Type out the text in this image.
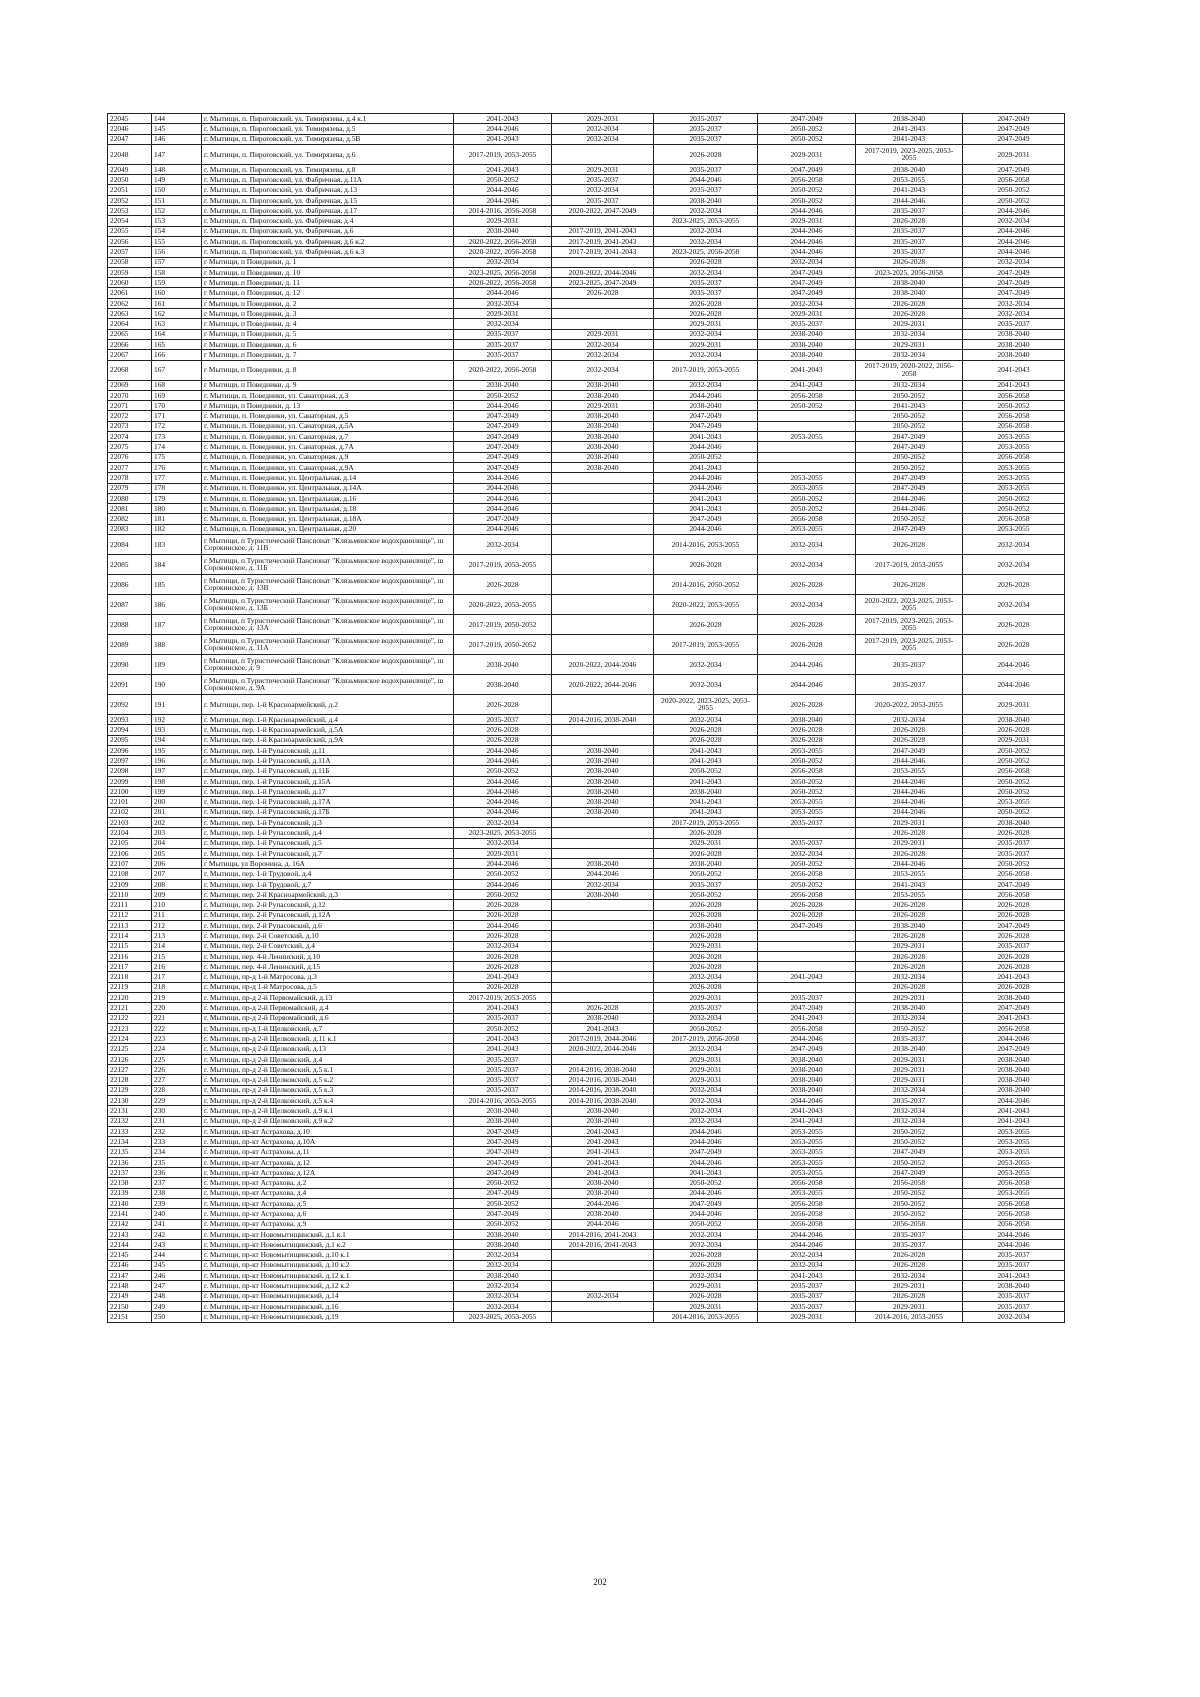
22045	144	г. Мытищи, п. Пироговский, ул. Тимирязева, д.4 к.1	2041-2043	2029-2031	2035-2037	2047-2049	2038-2040	2047-2049
22046	145	г. Мытищи, п. Пироговский, ул. Тимирязева, д.5	2044-2046	2032-2034	2035-2037	2050-2052	2041-2043	2047-2049
22047	146	г. Мытищи, п. Пироговский, ул. Тимирязева, д.5В	2041-2043	2032-2034	2035-2037	2050-2052	2041-2043	2047-2049
22048	147	г. Мытищи, п. Пироговский, ул. Тимирязева, д.6	2017-2019, 2053-2055		2026-2028	2029-2031	2017-2019, 2023-2025, 2053-2055	2029-2031
22049	148	г. Мытищи, п. Пироговский, ул. Тимирязева, д.8	2041-2043	2029-2031	2035-2037	2047-2049	2038-2040	2047-2049
22050	149	г. Мытищи, п. Пироговский, ул. Фабричная, д.11А	2050-2052	2035-2037	2044-2046	2056-2058	2053-2055	2056-2058
22051	150	г. Мытищи, п. Пироговский, ул. Фабричная, д.13	2044-2046	2032-2034	2035-2037	2050-2052	2041-2043	2050-2052
22052	151	г. Мытищи, п. Пироговский, ул. Фабричная, д.15	2044-2046	2035-2037	2038-2040	2050-2052	2044-2046	2050-2052
22053	152	г. Мытищи, п. Пироговский, ул. Фабричная, д.17	2014-2016, 2056-2058	2020-2022, 2047-2049	2032-2034	2044-2046	2035-2037	2044-2046
22054	153	г. Мытищи, п. Пироговский, ул. Фабричная, д.4	2029-2031		2023-2025, 2053-2055	2029-2031	2026-2028	2032-2034
22055	154	г. Мытищи, п. Пироговский, ул. Фабричная, д.6	2038-2040	2017-2019, 2041-2043	2032-2034	2044-2046	2035-2037	2044-2046
22056	155	г. Мытищи, п. Пироговский, ул. Фабричная, д.6 к.2	2020-2022, 2056-2058	2017-2019, 2041-2043	2032-2034	2044-2046	2035-2037	2044-2046
22057	156	г. Мытищи, п. Пироговский, ул. Фабричная, д.6 к.3	2020-2022, 2056-2058	2017-2019, 2041-2043	2023-2025, 2056-2058	2044-2046	2035-2037	2044-2046
22058	157	г Мытищи, п Поведники, д. 1	2032-2034		2026-2028	2032-2034	2026-2028	2032-2034
22059	158	г Мытищи, п Поведники, д. 10	2023-2025, 2056-2058	2020-2022, 2044-2046	2032-2034	2047-2049	2023-2025, 2056-2058	2047-2049
22060	159	г Мытищи, п Поведники, д. 11	2020-2022, 2056-2058	2023-2025, 2047-2049	2035-2037	2047-2049	2038-2040	2047-2049
22061	160	г Мытищи, п Поведники, д. 12	2044-2046	2026-2028	2035-2037	2047-2049	2038-2040	2047-2049
22062	161	г Мытищи, п Поведники, д. 2	2032-2034		2026-2028	2032-2034	2026-2028	2032-2034
22063	162	г Мытищи, п Поведники, д. 3	2029-2031		2026-2028	2029-2031	2026-2028	2032-2034
22064	163	г Мытищи, п Поведники, д. 4	2032-2034		2029-2031	2035-2037	2029-2031	2035-2037
22065	164	г Мытищи, п Поведники, д. 5	2035-2037	2029-2031	2032-2034	2038-2040	2032-2034	2038-2040
22066	165	г Мытищи, п Поведники, д. 6	2035-2037	2032-2034	2029-2031	2038-2040	2029-2031	2038-2040
22067	166	г Мытищи, п Поведники, д. 7	2035-2037	2032-2034	2032-2034	2038-2040	2032-2034	2038-2040
22068	167	г Мытищи, п Поведники, д. 8	2020-2022, 2056-2058	2032-2034	2017-2019, 2053-2055	2041-2043	2017-2019, 2020-2022, 2056-2058	2041-2043
22069	168	г Мытищи, п Поведники, д. 9	2038-2040	2038-2040	2032-2034	2041-2043	2032-2034	2041-2043
22070	169	г. Мытищи, п. Поведники, ул. Санаторная, д.3	2050-2052	2038-2040	2044-2046	2056-2058	2050-2052	2056-2058
22071	170	г Мытищи, п Поведники, д. 13	2044-2046	2029-2031	2038-2040	2050-2052	2041-2043	2050-2052
22072	171	г. Мытищи, п. Поведники, ул. Санаторная, д.5	2047-2049	2038-2040	2047-2049		2050-2052	2056-2058
22073	172	г. Мытищи, п. Поведники, ул. Санаторная, д.5А	2047-2049	2038-2040	2047-2049		2050-2052	2056-2058
22074	173	г. Мытищи, п. Поведники, ул. Санаторная, д.7	2047-2049	2038-2040	2041-2043	2053-2055	2047-2049	2053-2055
22075	174	г. Мытищи, п. Поведники, ул. Санаторная, д.7А	2047-2049	2038-2040	2044-2046		2047-2049	2053-2055
22076	175	г. Мытищи, п. Поведники, ул. Санаторная, д.9	2047-2049	2038-2040	2050-2052		2050-2052	2056-2058
22077	176	г. Мытищи, п. Поведники, ул. Санаторная, д.9А	2047-2049	2038-2040	2041-2043		2050-2052	2053-2055
22078	177	г. Мытищи, п. Поведники, ул. Центральная, д.14	2044-2046		2044-2046	2053-2055	2047-2049	2053-2055
22079	178	г. Мытищи, п. Поведники, ул. Центральная, д.14А	2044-2046		2044-2046	2053-2055	2047-2049	2053-2055
22080	179	г. Мытищи, п. Поведники, ул. Центральная, д.16	2044-2046		2041-2043	2050-2052	2044-2046	2050-2052
22081	180	г. Мытищи, п. Поведники, ул. Центральная, д.18	2044-2046		2041-2043	2050-2052	2044-2046	2050-2052
22082	181	г. Мытищи, п. Поведники, ул. Центральная, д.18А	2047-2049		2047-2049	2056-2058	2050-2052	2056-2058
22083	182	г. Мытищи, п. Поведники, ул. Центральная, д.20	2044-2046		2044-2046	2053-2055	2047-2049	2053-2055
22084	183	г Мытищи, п Туристический Пансионат "Клязьминское водохранилище", ш Сорокинское, д. 11В	2032-2034		2014-2016, 2053-2055	2032-2034	2026-2028	2032-2034
22085	184	г Мытищи, п Туристический Пансионат "Клязьминское водохранилище", ш Сорокинское, д. 11Б	2017-2019, 2053-2055		2026-2028	2032-2034	2017-2019, 2053-2055	2032-2034
22086	185	г Мытищи, п Туристический Пансионат "Клязьминское водохранилище", ш Сорокинское, д. 13В	2026-2028		2014-2016, 2050-2052	2026-2028	2026-2028	2026-2028
22087	186	г Мытищи, п Туристический Пансионат "Клязьминское водохранилище", ш Сорокинское, д. 13Б	2020-2022, 2053-2055		2020-2022, 2053-2055	2032-2034	2020-2022, 2023-2025, 2053-2055	2032-2034
22088	187	г Мытищи, п Туристический Пансионат "Клязьминское водохранилище", ш Сорокинское, д. 13А	2017-2019, 2050-2052		2026-2028	2026-2028	2017-2019, 2023-2025, 2053-2055	2026-2028
22089	188	г Мытищи, п Туристический Пансионат "Клязьминское водохранилище", ш Сорокинское, д. 11А	2017-2019, 2050-2052		2017-2019, 2053-2055	2026-2028	2017-2019, 2023-2025, 2053-2055	2026-2028
22090	189	г Мытищи, п Туристический Пансионат "Клязьминское водохранилище", ш Сорокинское, д. 9	2038-2040	2020-2022, 2044-2046	2032-2034	2044-2046	2035-2037	2044-2046
22091	190	г Мытищи, п Туристический Пансионат "Клязьминское водохранилище", ш Сорокинское, д. 9А	2038-2040	2020-2022, 2044-2046	2032-2034	2044-2046	2035-2037	2044-2046
22092	191	г. Мытищи, пер. 1-й Красноармейский, д.2	2026-2028		2020-2022, 2023-2025, 2053-2055	2026-2028	2020-2022, 2053-2055	2029-2031
22093	192	г. Мытищи, пер. 1-й Красноармейский, д.4	2035-2037	2014-2016, 2038-2040	2032-2034	2038-2040	2032-2034	2038-2040
22094	193	г. Мытищи, пер. 1-й Красноармейский, д.5А	2026-2028		2026-2028	2026-2028	2026-2028	2026-2028
22095	194	г. Мытищи, пер. 1-й Красноармейский, д.9А	2026-2028		2026-2028	2026-2028	2026-2028	2029-2031
22096	195	г. Мытищи, пер. 1-й Рупасовский, д.11	2044-2046	2038-2040	2041-2043	2053-2055	2047-2049	2050-2052
22097	196	г. Мытищи, пер. 1-й Рупасовский, д.11А	2044-2046	2038-2040	2041-2043	2050-2052	2044-2046	2050-2052
22098	197	г. Мытищи, пер. 1-й Рупасовский, д.11Б	2050-2052	2038-2040	2050-2052	2056-2058	2053-2055	2056-2058
22099	198	г. Мытищи, пер. 1-й Рупасовский, д.15А	2044-2046	2038-2040	2041-2043	2050-2052	2044-2046	2050-2052
22100	199	г. Мытищи, пер. 1-й Рупасовский, д.17	2044-2046	2038-2040	2038-2040	2050-2052	2044-2046	2050-2052
22101	200	г. Мытищи, пер. 1-й Рупасовский, д.17А	2044-2046	2038-2040	2041-2043	2053-2055	2044-2046	2053-2055
22102	201	г. Мытищи, пер. 1-й Рупасовский, д.17Б	2044-2046	2038-2040	2041-2043	2053-2055	2044-2046	2050-2052
22103	202	г. Мытищи, пер. 1-й Рупасовский, д.3	2032-2034		2017-2019, 2053-2055	2035-2037	2029-2031	2038-2040
22104	203	г. Мытищи, пер. 1-й Рупасовский, д.4	2023-2025, 2053-2055		2026-2028		2026-2028	2026-2028
22105	204	г. Мытищи, пер. 1-й Рупасовский, д.5	2032-2034		2029-2031	2035-2037	2029-2031	2035-2037
22106	205	г. Мытищи, пер. 1-й Рупасовский, д.7	2029-2031		2026-2028	2032-2034	2026-2028	2035-2037
22107	206	г Мытищи, ул Воронина, д. 16А	2044-2046	2038-2040	2038-2040	2050-2052	2044-2046	2050-2052
22108	207	г. Мытищи, пер. 1-й Трудовой, д.4	2050-2052	2044-2046	2050-2052	2056-2058	2053-2055	2056-2058
22109	208	г. Мытищи, пер. 1-й Трудовой, д.7	2044-2046	2032-2034	2035-2037	2050-2052	2041-2043	2047-2049
22110	209	г. Мытищи, пер. 2-й Красноармейский, д.3	2050-2052	2038-2040	2050-2052	2056-2058	2053-2055	2056-2058
22111	210	г. Мытищи, пер. 2-й Рупасовский, д.12	2026-2028		2026-2028	2026-2028	2026-2028	2026-2028
22112	211	г. Мытищи, пер. 2-й Рупасовский, д.12А	2026-2028		2026-2028	2026-2028	2026-2028	2026-2028
22113	212	г. Мытищи, пер. 2-й Рупасовский, д.6	2044-2046		2038-2040	2047-2049	2038-2040	2047-2049
22114	213	г. Мытищи, пер. 2-й Советский, д.10	2026-2028		2026-2028		2026-2028	2026-2028
22115	214	г. Мытищи, пер. 2-й Советский, д.4	2032-2034		2029-2031		2029-2031	2035-2037
22116	215	г. Мытищи, пер. 4-й Ленинский, д.10	2026-2028		2026-2028		2026-2028	2026-2028
22117	216	г. Мытищи, пер. 4-й Ленинский, д.15	2026-2028		2026-2028		2026-2028	2026-2028
22118	217	г. Мытищи, пр-д 1-й Матросова, д.3	2041-2043		2032-2034	2041-2043	2032-2034	2041-2043
22119	218	г. Мытищи, пр-д 1-й Матросова, д.5	2026-2028		2026-2028		2026-2028	2026-2028
22120	219	г. Мытищи, пр-д 2-й Первомайский, д.13	2017-2019, 2053-2055		2029-2031	2035-2037	2029-2031	2038-2040
22121	220	г. Мытищи, пр-д 2-й Первомайский, д.4	2041-2043	2026-2028	2035-2037	2047-2049	2038-2040	2047-2049
22122	221	г. Мытищи, пр-д 2-й Первомайский, д.6	2035-2037	2038-2040	2032-2034	2041-2043	2032-2034	2041-2043
22123	222	г. Мытищи, пр-д 1-й Щелковский, д.7	2050-2052	2041-2043	2050-2052	2056-2058	2050-2052	2056-2058
22124	223	г. Мытищи, пр-д 2-й Щелковский, д.11 к.1	2041-2043	2017-2019, 2044-2046	2017-2019, 2056-2058	2044-2046	2035-2037	2044-2046
22125	224	г. Мытищи, пр-д 2-й Щелковский, д.13	2041-2043	2020-2022, 2044-2046	2032-2034	2047-2049	2038-2040	2047-2049
22126	225	г. Мытищи, пр-д 2-й Щелковский, д.4	2035-2037		2029-2031	2038-2040	2029-2031	2038-2040
22127	226	г. Мытищи, пр-д 2-й Щелковский, д.5 к.1	2035-2037	2014-2016, 2038-2040	2029-2031	2038-2040	2029-2031	2038-2040
22128	227	г. Мытищи, пр-д 2-й Щелковский, д.5 к.2	2035-2037	2014-2016, 2038-2040	2029-2031	2038-2040	2029-2031	2038-2040
22129	228	г. Мытищи, пр-д 2-й Щелковский, д.5 к.3	2035-2037	2014-2016, 2038-2040	2032-2034	2038-2040	2032-2034	2038-2040
22130	229	г. Мытищи, пр-д 2-й Щелковский, д.5 к.4	2014-2016, 2053-2055	2014-2016, 2038-2040	2032-2034	2044-2046	2035-2037	2044-2046
22131	230	г. Мытищи, пр-д 2-й Щелковский, д.9 к.1	2038-2040	2038-2040	2032-2034	2041-2043	2032-2034	2041-2043
22132	231	г. Мытищи, пр-д 2-й Щелковский, д.9 к.2	2038-2040	2038-2040	2032-2034	2041-2043	2032-2034	2041-2043
22133	232	г. Мытищи, пр-кт Астрахова, д.10	2047-2049	2041-2043	2044-2046	2053-2055	2050-2052	2053-2055
22134	233	г. Мытищи, пр-кт Астрахова, д.10А	2047-2049	2041-2043	2044-2046	2053-2055	2050-2052	2053-2055
22135	234	г. Мытищи, пр-кт Астрахова, д.11	2047-2049	2041-2043	2047-2049	2053-2055	2047-2049	2053-2055
22136	235	г. Мытищи, пр-кт Астрахова, д.12	2047-2049	2041-2043	2044-2046	2053-2055	2050-2052	2053-2055
22137	236	г. Мытищи, пр-кт Астрахова, д.12А	2047-2049	2041-2043	2041-2043	2053-2055	2047-2049	2053-2055
22138	237	г. Мытищи, пр-кт Астрахова, д.2	2050-2052	2038-2040	2050-2052	2056-2058	2056-2058	2056-2058
22139	238	г. Мытищи, пр-кт Астрахова, д.4	2047-2049	2038-2040	2044-2046	2053-2055	2050-2052	2053-2055
22140	239	г. Мытищи, пр-кт Астрахова, д.5	2050-2052	2044-2046	2047-2049	2056-2058	2050-2052	2056-2058
22141	240	г. Мытищи, пр-кт Астрахова, д.6	2047-2049	2038-2040	2044-2046	2056-2058	2050-2052	2056-2058
22142	241	г. Мытищи, пр-кт Астрахова, д.9	2050-2052	2044-2046	2050-2052	2056-2058	2056-2058	2056-2058
22143	242	г. Мытищи, пр-кт Новомытищинский, д.1 к.1	2038-2040	2014-2016, 2041-2043	2032-2034	2044-2046	2035-2037	2044-2046
22144	243	г. Мытищи, пр-кт Новомытищинский, д.1 к.2	2038-2040	2014-2016, 2041-2043	2032-2034	2044-2046	2035-2037	2044-2046
22145	244	г. Мытищи, пр-кт Новомытищинский, д.10 к.1	2032-2034		2026-2028	2032-2034	2026-2028	2035-2037
22146	245	г. Мытищи, пр-кт Новомытищинский, д.10 к.2	2032-2034		2026-2028	2032-2034	2026-2028	2035-2037
22147	246	г. Мытищи, пр-кт Новомытищинский, д.12 к.1	2038-2040		2032-2034	2041-2043	2032-2034	2041-2043
22148	247	г. Мытищи, пр-кт Новомытищинский, д.12 к.2	2032-2034		2029-2031	2035-2037	2029-2031	2038-2040
22149	248	г. Мытищи, пр-кт Новомытищинский, д.14	2032-2034	2032-2034	2026-2028	2035-2037	2026-2028	2035-2037
22150	249	г. Мытищи, пр-кт Новомытищинский, д.16	2032-2034		2029-2031	2035-2037	2029-2031	2035-2037
22151	250	г. Мытищи, пр-кт Новомытищинский, д.19	2023-2025, 2053-2055		2014-2016, 2053-2055	2029-2031	2014-2016, 2053-2055	2032-2034
202
